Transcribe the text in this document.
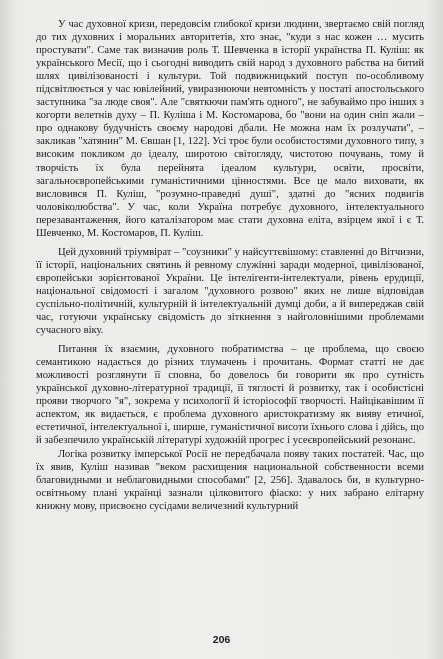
У час духовної кризи, передовсім глибокої кризи людини, звертаємо свій погляд до тих духовних і моральних авторитетів, хто знає, "куди з нас кожен … мусить простувати". Саме так визначив роль Т. Шевченка в історії українства П. Куліш: як українського Месії, що і сьогодні виводить свій народ з духовного рабства на битий шлях цивілізованості і культури. Той подвижницький поступ по-особливому підсвітлюється у час ювілейний, увиразнюючи невтомність у постаті апостольського заступника "за люде своя". Але "святкючи пам'ять одного", не забуваймо про інших з когорти велетнів духу – П. Куліша і М. Костомарова, бо "вони на один сніп жали – про однакову будучність своєму народові дбали. Не можна нам їх розлучати", – закликав "хатянин" М. Євшан [1, 122]. Усі троє були особистостями духовного типу, з високим покликом до ідеалу, широтою світогляду, чистотою почувань, тому й творчість їх була перейнята ідеалом культури, освіти, просвіти, загальноєвропейськими гуманістичними цінностями. Все це мало виховати, як висловився П. Куліш, "розумно-праведні душі", здатні до "ясних подвигів чоловіколюбства". У час, коли Україна потребує духовного, інтелектуального перезавантаження, його каталізатором має стати духовна еліта, взірцем якої і є Т. Шевченко, М. Костомаров, П. Куліш.

Цей духовний тріумвірат – "соузники" у найсуттєвішому: ставленні до Вітчизни, її історії, національних святинь й ревному служінні заради модерної, цивілізованої, європейськи зорієнтованої України. Це інтелігенти-інтелектуали, рівень ерудиції, національної свідомості і загалом "духовного розвою" яких не лише відповідав суспільно-політичній, культурній й інтелектуальній думці доби, а й випереджав свій час, готуючи українську свідомість до зіткнення з найголовнішими проблемами сучасного віку.

Питання їх взаємин, духовного побратимства – це проблема, що своєю семантикою надається до різних тлумачень і прочитань. Формат статті не дає можливості розглянути її сповна, бо довелось би говорити як про сутність української духовно-літературної традиції, її тяглості й розвитку, так і особистісні прояви творчого "я", зокрема у психології й історіософії творчості. Найцікавішим її аспектом, як видається, є проблема духовного аристократизму як вияву етичної, естетичної, інтелектуальної і, ширше, гуманістичної висоти їхнього слова і дійсь, що й забезпечило українській літературі художній прогрес і усеєвропейський резонанс.

Логіка розвитку імперської Росії не передбачала появу таких постатей. Час, що їх явив, Куліш називав "веком расхищения национальной собственности всеми благовидными и неблаговидными способами" [2, 256]. Здавалось би, в культурно-освітньому плані українці зазнали цілковитого фіаско: у них забрано елітарну книжну мову, присвоєно сусідами величезний культурний

206
